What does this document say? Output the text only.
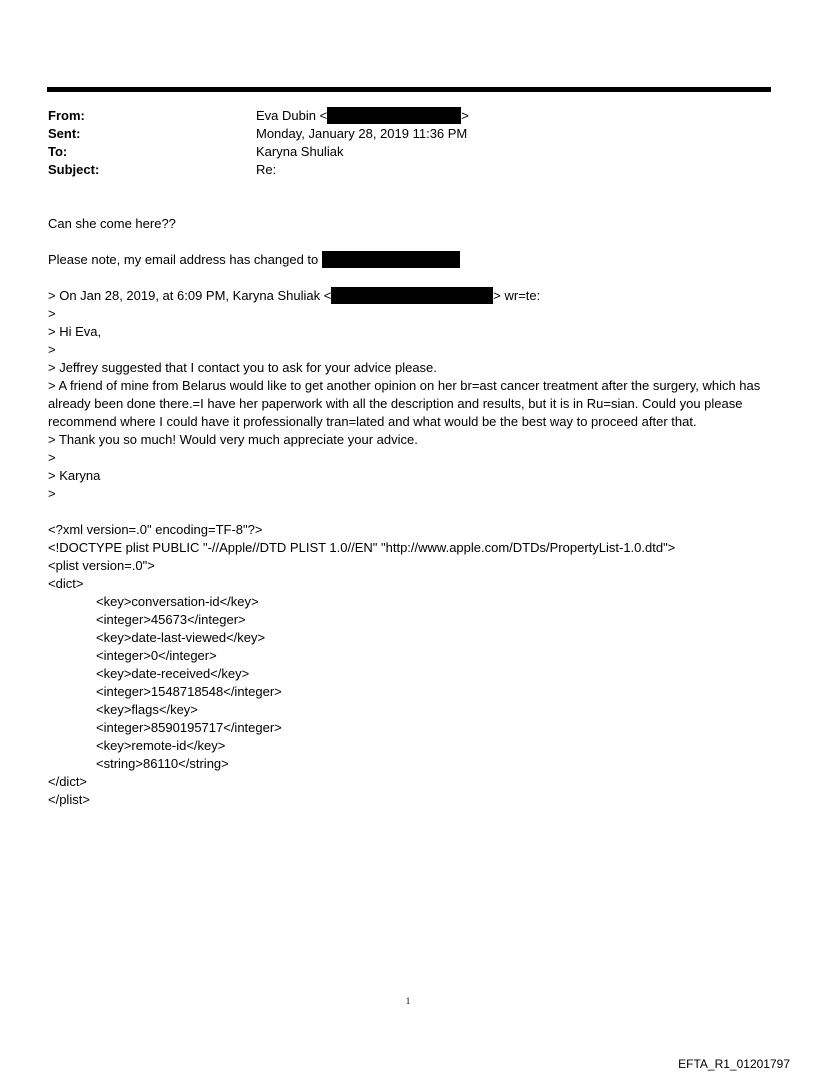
From:	Eva Dubin <	>
Sent:	Monday, January 28, 2019 11:36 PM
To:	Karyna Shuliak
Subject:	Re:

Can she come here??

Please note, my email address has changed to

> On Jan 28, 2019, at 6:09 PM, Karyna Shuliak <	> wr=te:

>

> Hi Eva,

>

> Jeffrey suggested that I contact you to ask for your advice please.

> A friend of mine from Belarus would like to get another opinion on her br=ast cancer treatment after the surgery, which has already been done there.=I have her paperwork with all the description and results, but it is in Ru=sian. Could you please recommend where I could have it professionally tran=lated and what would be the best way to proceed after that.

> Thank you so much! Would very much appreciate your advice.

>

> Karyna

>

<?xml version=.0" encoding=TF-8"?>

<!DOCTYPE plist PUBLIC "-//Apple//DTD PLIST 1.0//EN" "http://www.apple.com/DTDs/PropertyList-1.0.dtd">

<plist version=.0">

<dict>

<key>conversation-id</key>

<integer>45673</integer>

<key>date-last-viewed</key>

<integer>0</integer>

<key>date-received</key>

<integer>1548718548</integer>

<key>flags</key>

<integer>8590195717</integer>

<key>remote-id</key>

<string>86110</string>

</dict>

</plist>

1
EFTA_R1_01201797
